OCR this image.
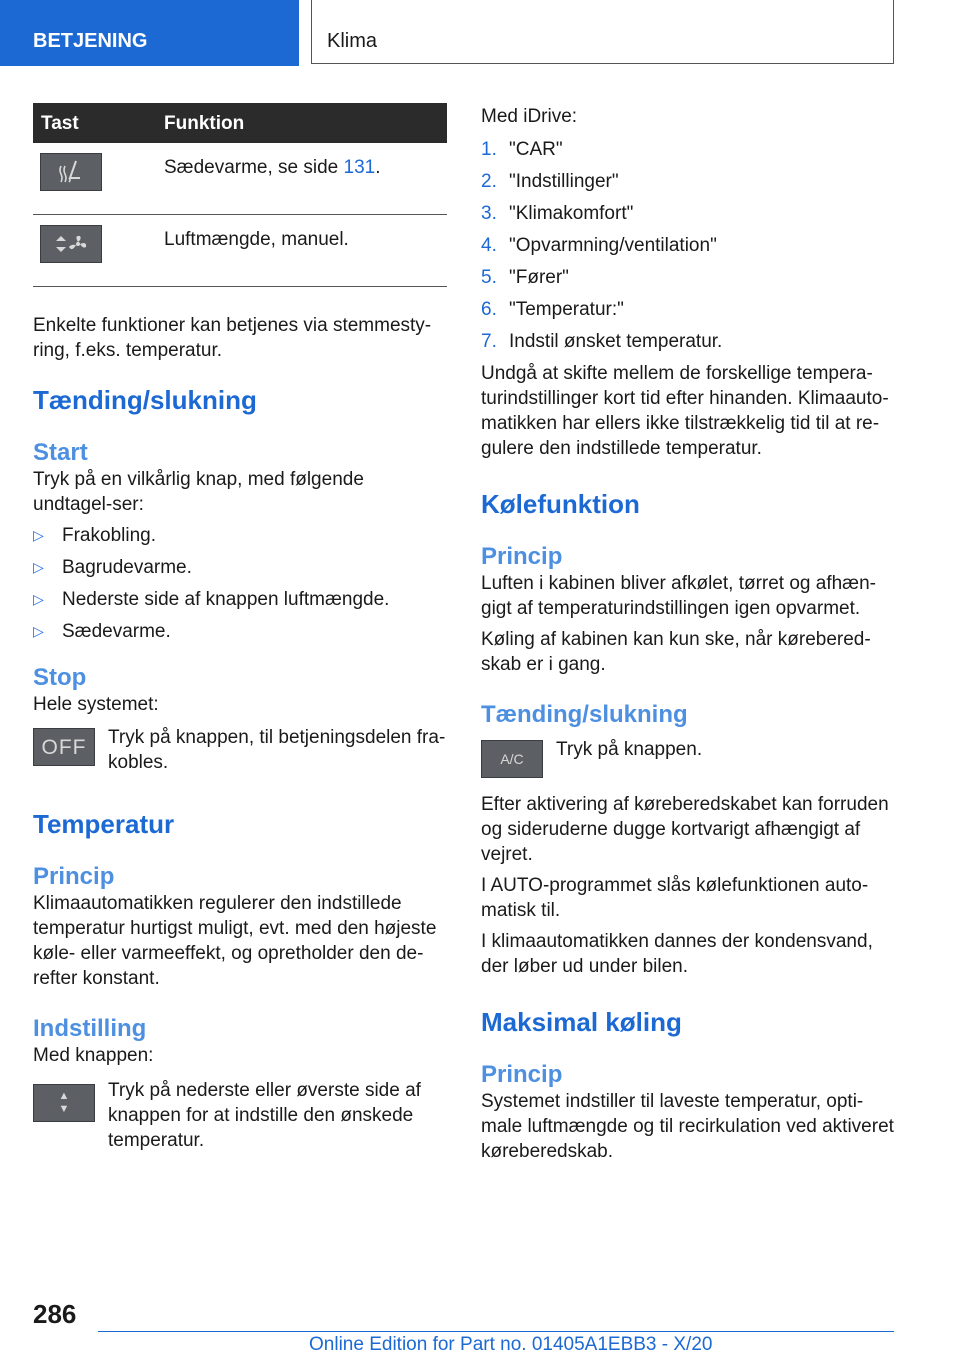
BETJENING	Klima
Tast	Funktion

	Sædevarme, se side 131.

	Luftmængde, manuel.

Enkelte funktioner kan betjenes via stemmesty-ring, f.eks. temperatur.

Tænding/slukning
Start

Tryk på en vilkårlig knap, med følgende undtagel-ser:

▷ Frakobling.
▷ Bagrudevarme.
▷ Nederste side af knappen luftmængde.
▷ Sædevarme.
Stop

Hele systemet:

OFF	Tryk på knappen, til betjeningsdelen fra-kobles.

Temperatur
Princip

Klimaautomatikken regulerer den indstillede temperatur hurtigst muligt, evt. med den højeste køle- eller varmeeffekt, og opretholder den de-refter konstant.

Indstilling

Med knappen:

▲
▼

Tryk på nederste eller øverste side af knappen for at indstille den ønskede temperatur.

Med iDrive:

1. "CAR"
2. "Indstillinger"
3. "Klimakomfort"
4. "Opvarmning/ventilation"
5. "Fører"
6. "Temperatur:"
7. Indstil ønsket temperatur.

Undgå at skifte mellem de forskellige tempera-turindstillinger kort tid efter hinanden. Klimaauto-matikken har ellers ikke tilstrækkelig tid til at re-gulere den indstillede temperatur.

Kølefunktion
Princip

Luften i kabinen bliver afkølet, tørret og afhæn-gigt af temperaturindstillingen igen opvarmet.

Køling af kabinen kan kun ske, når kørebered-skab er i gang.

Tænding/slukning
A/C	Tryk på knappen.

Efter aktivering af køreberedskabet kan forruden og sideruderne dugge kortvarigt afhængigt af vejret.

I AUTO-programmet slås kølefunktionen auto-matisk til.

I klimaautomatikken dannes der kondensvand, der løber ud under bilen.

Maksimal køling
Princip

Systemet indstiller til laveste temperatur, opti-male luftmængde og til recirkulation ved aktiveret køreberedskab.

286
Online Edition for Part no. 01405A1EBB3 - X/20
